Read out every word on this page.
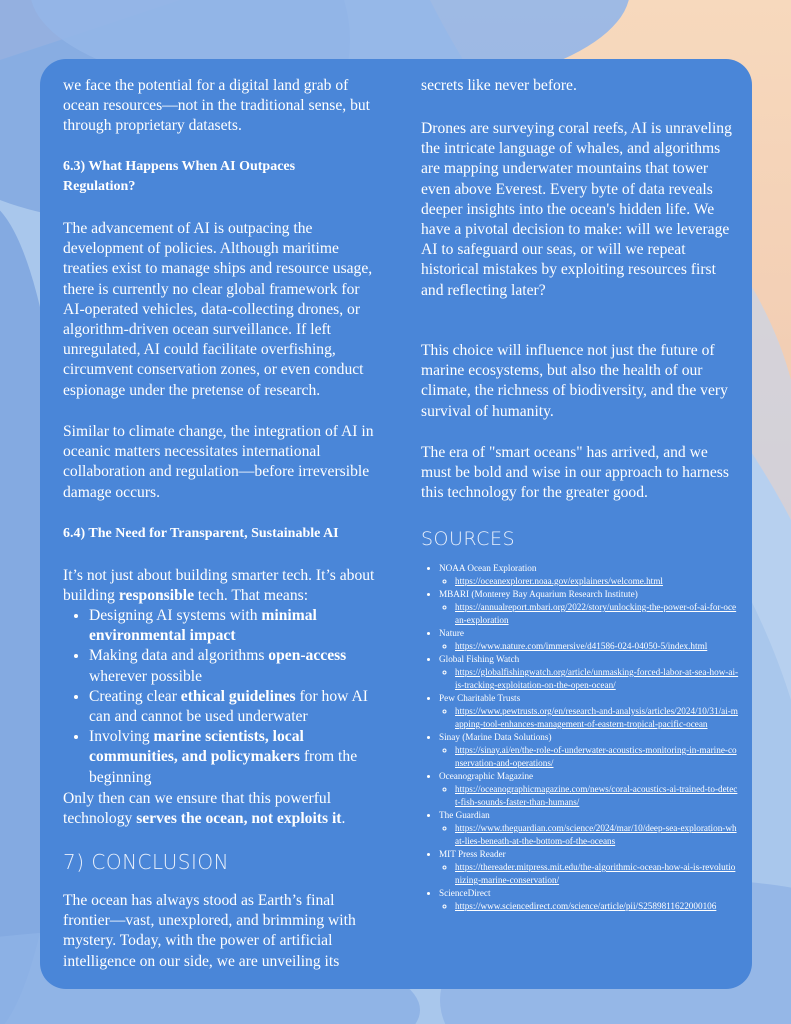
we face the potential for a digital land grab of ocean resources—not in the traditional sense, but through proprietary datasets.

6.3) What Happens When AI Outpaces Regulation?

The advancement of AI is outpacing the development of policies. Although maritime treaties exist to manage ships and resource usage, there is currently no clear global framework for AI-operated vehicles, data-collecting drones, or algorithm-driven ocean surveillance. If left unregulated, AI could facilitate overfishing, circumvent conservation zones, or even conduct espionage under the pretense of research.

Similar to climate change, the integration of AI in oceanic matters necessitates international collaboration and regulation—before irreversible damage occurs.

6.4) The Need for Transparent, Sustainable AI

It’s not just about building smarter tech. It’s about building responsible tech. That means:

• Designing AI systems with minimal environmental impact
• Making data and algorithms open-access wherever possible
• Creating clear ethical guidelines for how AI can and cannot be used underwater
• Involving marine scientists, local communities, and policymakers from the beginning

Only then can we ensure that this powerful technology serves the ocean, not exploits it.

7) CONCLUSION

The ocean has always stood as Earth’s final frontier—vast, unexplored, and brimming with mystery. Today, with the power of artificial intelligence on our side, we are unveiling its

secrets like never before.

Drones are surveying coral reefs, AI is unraveling the intricate language of whales, and algorithms are mapping underwater mountains that tower even above Everest. Every byte of data reveals deeper insights into the ocean's hidden life. We have a pivotal decision to make: will we leverage AI to safeguard our seas, or will we repeat historical mistakes by exploiting resources first and reflecting later?

This choice will influence not just the future of marine ecosystems, but also the health of our climate, the richness of biodiversity, and the very survival of humanity.

The era of "smart oceans" has arrived, and we must be bold and wise in our approach to harness this technology for the greater good.

SOURCES
• NOAA Ocean Exploration
◦ https://oceanexplorer.noaa.gov/explainers/welcome.html
• MBARI (Monterey Bay Aquarium Research Institute)
◦ https://annualreport.mbari.org/2022/story/unlocking-the-power-of-ai-for-ocean-exploration
• Nature
◦ https://www.nature.com/immersive/d41586-024-04050-5/index.html
• Global Fishing Watch
◦ https://globalfishingwatch.org/article/unmasking-forced-labor-at-sea-how-ai-is-tracking-exploitation-on-the-open-ocean/
• Pew Charitable Trusts
◦ https://www.pewtrusts.org/en/research-and-analysis/articles/2024/10/31/ai-mapping-tool-enhances-management-of-eastern-tropical-pacific-ocean
• Sinay (Marine Data Solutions)
◦ https://sinay.ai/en/the-role-of-underwater-acoustics-monitoring-in-marine-conservation-and-operations/
• Oceanographic Magazine
◦ https://oceanographicmagazine.com/news/coral-acoustics-ai-trained-to-detect-fish-sounds-faster-than-humans/
• The Guardian
◦ https://www.theguardian.com/science/2024/mar/10/deep-sea-exploration-what-lies-beneath-at-the-bottom-of-the-oceans
• MIT Press Reader
◦ https://thereader.mitpress.mit.edu/the-algorithmic-ocean-how-ai-is-revolutionizing-marine-conservation/
• ScienceDirect
◦ https://www.sciencedirect.com/science/article/pii/S2589811622000106
